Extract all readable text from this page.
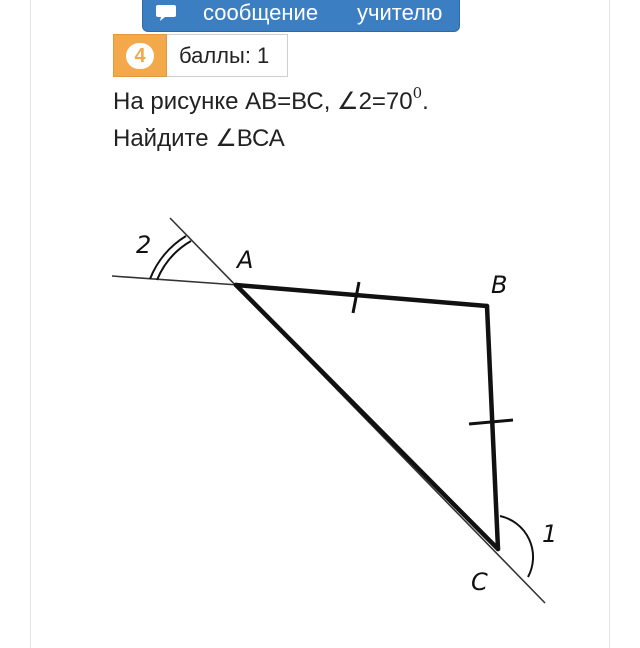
сообщение учителю
4	баллы: 1
На рисунке АВ=ВС, $\angle 2=70^0$.
Найдите ∠ВСА
A
B
C
1
2
